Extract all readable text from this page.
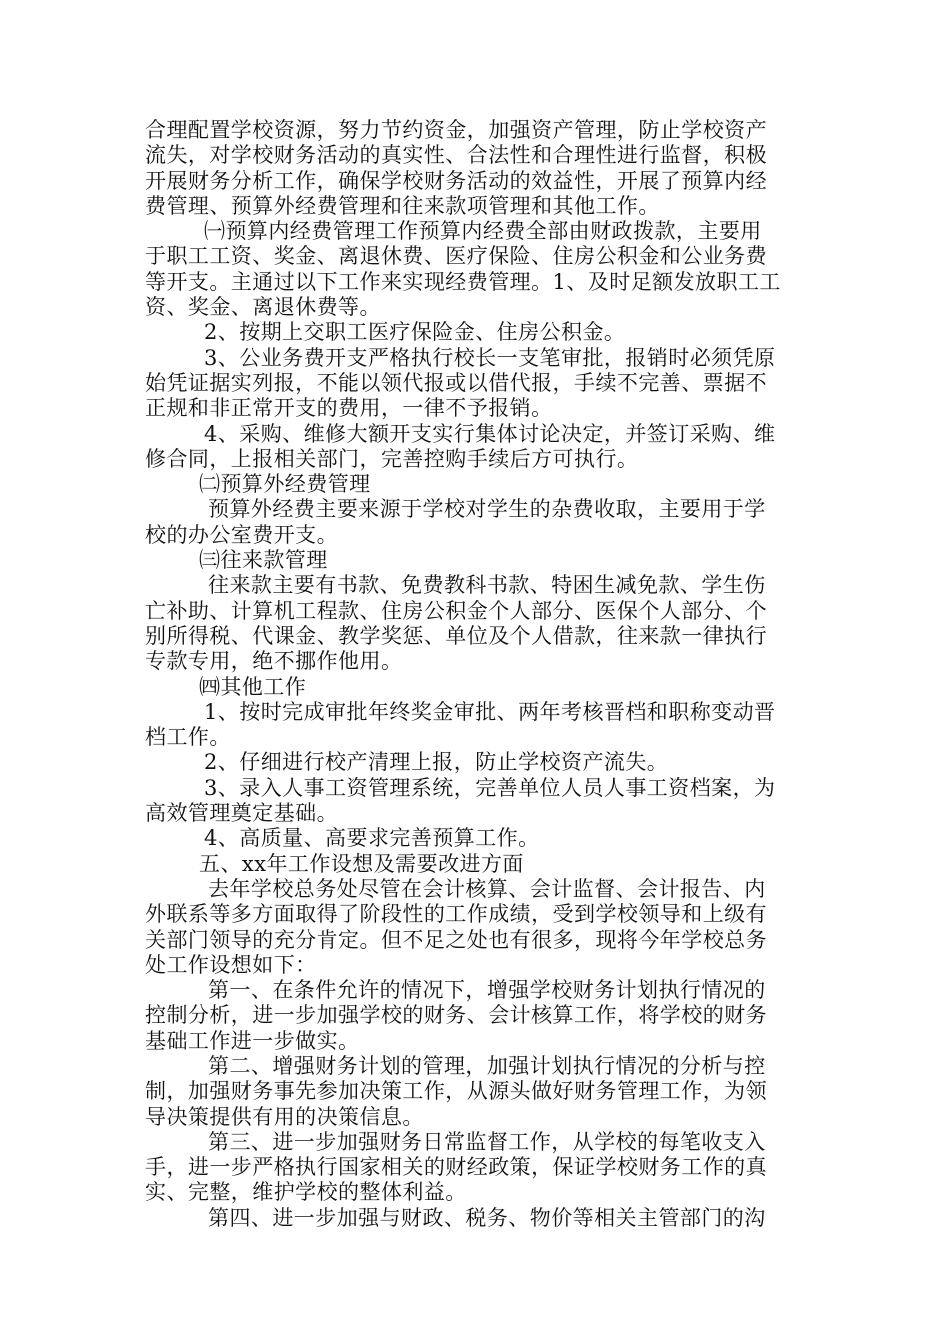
合理配置学校资源，努力节约资金，加强资产管理，防止学校资产
流失，对学校财务活动的真实性、合法性和合理性进行监督，积极
开展财务分析工作，确保学校财务活动的效益性，开展了预算内经
费管理、预算外经费管理和往来款项管理和其他工作。
㈠预算内经费管理工作预算内经费全部由财政拨款，主要用
于职工工资、奖金、离退休费、医疗保险、住房公积金和公业务费
等开支。主通过以下工作来实现经费管理。1、及时足额发放职工工
资、奖金、离退休费等。
2、按期上交职工医疗保险金、住房公积金。
3、公业务费开支严格执行校长一支笔审批，报销时必须凭原
始凭证据实列报，不能以领代报或以借代报，手续不完善、票据不
正规和非正常开支的费用，一律不予报销。
4、采购、维修大额开支实行集体讨论决定，并签订采购、维
修合同，上报相关部门，完善控购手续后方可执行。
㈡预算外经费管理
预算外经费主要来源于学校对学生的杂费收取，主要用于学
校的办公室费开支。
㈢往来款管理
往来款主要有书款、免费教科书款、特困生减免款、学生伤
亡补助、计算机工程款、住房公积金个人部分、医保个人部分、个
别所得税、代课金、教学奖惩、单位及个人借款，往来款一律执行
专款专用，绝不挪作他用。
㈣其他工作
1、按时完成审批年终奖金审批、两年考核晋档和职称变动晋
档工作。
2、仔细进行校产清理上报，防止学校资产流失。
3、录入人事工资管理系统，完善单位人员人事工资档案，为
高效管理奠定基础。
4、高质量、高要求完善预算工作。
五、xx年工作设想及需要改进方面
去年学校总务处尽管在会计核算、会计监督、会计报告、内
外联系等多方面取得了阶段性的工作成绩，受到学校领导和上级有
关部门领导的充分肯定。但不足之处也有很多，现将今年学校总务
处工作设想如下：
第一、在条件允许的情况下，增强学校财务计划执行情况的
控制分析，进一步加强学校的财务、会计核算工作，将学校的财务
基础工作进一步做实。
第二、增强财务计划的管理，加强计划执行情况的分析与控
制，加强财务事先参加决策工作，从源头做好财务管理工作，为领
导决策提供有用的决策信息。
第三、进一步加强财务日常监督工作，从学校的每笔收支入
手，进一步严格执行国家相关的财经政策，保证学校财务工作的真
实、完整，维护学校的整体利益。
第四、进一步加强与财政、税务、物价等相关主管部门的沟
